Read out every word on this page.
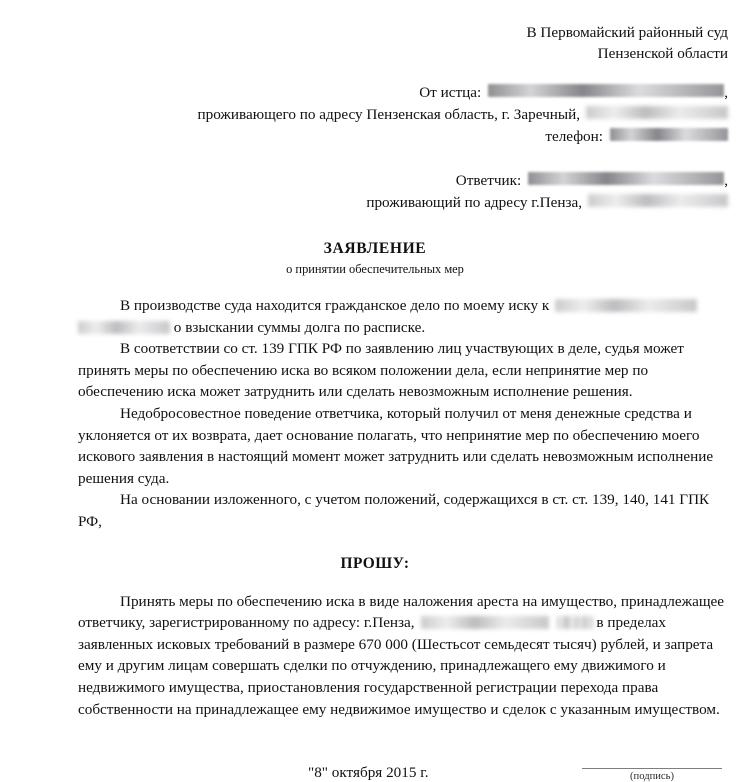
В Первомайский районный суд
Пензенской области
От истца:	,
проживающего по адресу Пензенская область, г. Заречный,
телефон:
Ответчик:	,
проживающий по адресу г.Пенза,
ЗАЯВЛЕНИЕ
о принятии обеспечительных мер
В производстве суда находится гражданское дело по моему иску к о взыскании суммы долга по расписке.
В соответствии со ст. 139 ГПК РФ по заявлению лиц участвующих в деле, судья может принять меры по обеспечению иска во всяком положении дела, если непринятие мер по обеспечению иска может затруднить или сделать невозможным исполнение решения.
Недобросовестное поведение ответчика, который получил от меня денежные средства и уклоняется от их возврата, дает основание полагать, что непринятие мер по обеспечению моего искового заявления в настоящий момент может затруднить или сделать невозможным исполнение решения суда.
На основании изложенного, с учетом положений, содержащихся в ст. ст. 139, 140, 141 ГПК РФ,
ПРОШУ:
Принять меры по обеспечению иска в виде наложения ареста на имущество, принадлежащее ответчику, зарегистрированному по адресу: г.Пенза,	в пределах заявленных исковых требований в размере 670 000 (Шестьсот семьдесят тысяч) рублей, и запрета ему и другим лицам совершать сделки по отчуждению, принадлежащего ему движимого и недвижимого имущества, приостановления государственной регистрации перехода права собственности на принадлежащее ему недвижимое имущество и сделок с указанным имуществом.
"8" октября 2015 г.	(подпись)
